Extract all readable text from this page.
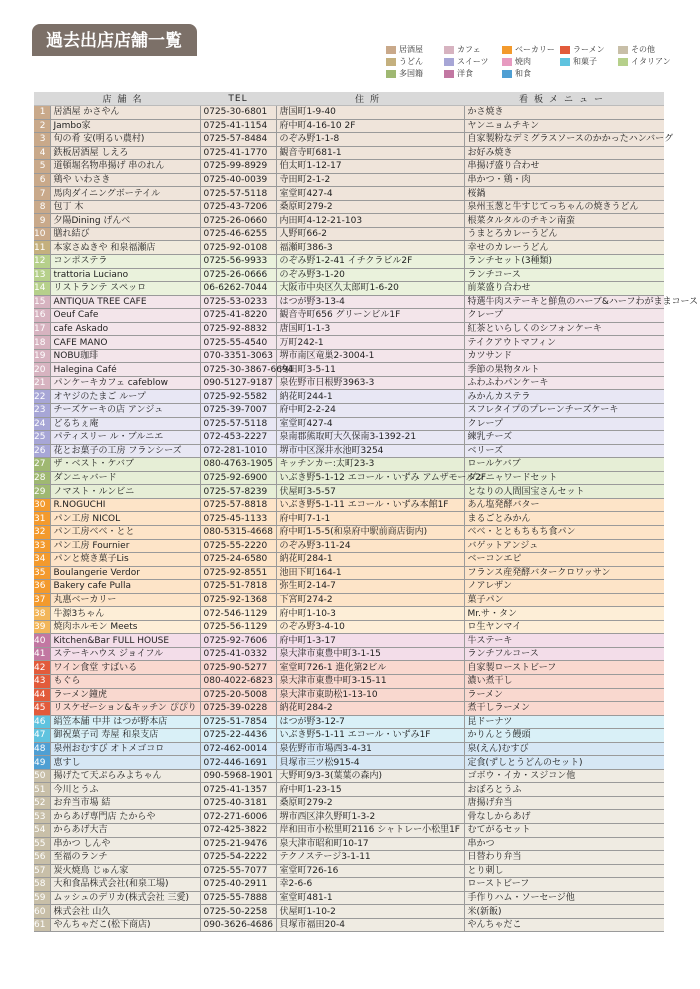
過去出店店舗一覧	居酒屋	カフェ	ベーカリー	ラーメン	その他
うどん	スイーツ	焼肉	和菓子	イタリアン
多国籍	洋食	和食
	店舗名	TEL	住所	看板メニュー
1	居酒屋 かさやん	0725-30-6801	唐国町1-9-40	かさ焼き
2	Jambo家	0725-41-1154	府中町4-16-10 2F	ヤンニョムチキン
3	旬の肴 安(明るい農村)	0725-57-8484	のぞみ野1-1-8	自家製粉なデミグラスソースのかかったハンバーグ
4	鉄板居酒屋 しえろ	0725-41-1770	観音寺町681-1	お好み焼き
5	道頓堀名物串揚げ 串のれん	0725-99-8929	伯太町1-12-17	串揚げ盛り合わせ
6	鶏や いわさき	0725-40-0039	寺田町2-1-2	串かつ・鶏・肉
7	馬肉ダイニングボーテイル	0725-57-5118	室堂町427-4	桜鍋
8	包丁 木	0725-43-7206	桑原町279-2	泉州玉葱と牛すじてっちゃんの焼きうどん
9	夕陽Dining げんべ	0725-26-0660	内田町4-12-21-103	根菜タルタルのチキン南蛮
10	膳れ結び	0725-46-6255	人野町66-2	うまとろカレーうどん
11	本家さぬきや 和泉福瀬店	0725-92-0108	福瀬町386-3	幸せのカレーうどん
12	コンポステラ	0725-56-9933	のぞみ野1-2-41 イチクラビル2F	ランチセット(3種類)
13	trattoria Luciano	0725-26-0666	のぞみ野3-1-20	ランチコース
14	リストランテ スペッロ	06-6262-7044	大阪市中央区久太郎町1-6-20	前菜盛り合わせ
15	ANTIQUA TREE CAFE	0725-53-0233	はつが野3-13-4	特選牛肉ステーキと鮮魚のハーブ&ハーフわがままコース
16	Oeuf Cafe	0725-41-8220	観音寺町656 グリーンビル1F	クレープ
17	cafe Askado	0725-92-8832	唐国町1-1-3	紅茶といらしくのシフォンケーキ
18	CAFE MANO	0725-55-4540	万町242-1	テイクアウトマフィン
19	NOBU珈琲	070-3351-3063	堺市南区竜巣2-3004-1	カツサンド
20	Halegina Café	0725-30-3867-6694	内田町3-5-11	季節の果物タルト
21	パンケーキカフェ cafeblow	090-5127-9187	泉佐野市日根野3963-3	ふわふわパンケーキ
22	オヤジのたまご ループ	0725-92-5582	納花町244-1	みかんカステラ
23	チーズケーキの店 アンジュ	0725-39-7007	府中町2-2-24	スフレタイプのプレーンチーズケーキ
24	どるちぇ庵	0725-57-5118	室堂町427-4	クレープ
25	パティスリー ル・ブルニエ	072-453-2227	泉南郡熊取町大久保南3-1392-21	練乳チーズ
26	花とお菓子の工房 フランシーズ	072-281-1010	堺市中区深井水池町3254	ベリーズ
27	ザ・ベスト・ケバブ	080-4763-1905	キッチンカー:太町23-3	ロールケバブ
28	ダンニャバード	0725-92-6900	いぶき野5-1-12 エコール・いずみ アムザモール2F	ダンニャワードセット
29	ノマスト・ルンビニ	0725-57-8239	伏屋町3-5-57	となりの人間国宝さんセット
30	R.NOGUCHI	0725-57-8818	いぶき野5-1-11 エコール・いずみ本館1F	あん塩発酵バター
31	パン工房 NICOL	0725-45-1133	府中町7-1-1	まるごとみかん
32	パン工房べべ・とと	080-5315-4668	府中町1-5-5(和泉府中駅前商店街内)	べべ・とともちもち食パン
33	パン工房 Fournier	0725-55-2220	のぞみ野3-11-24	バゲットアンジュ
34	パンと焼き菓子Lis	0725-24-6580	納花町284-1	ベーコンエピ
35	Boulangerie Verdor	0725-92-8551	池田下町164-1	フランス産発酵バタークロワッサン
36	Bakery cafe Pulla	0725-51-7818	弥生町2-14-7	ノアレザン
37	丸惠ベーカリー	0725-92-1368	下宮町274-2	菓子パン
38	牛源3ちゃん	072-546-1129	府中町1-10-3	Mr.サ・タン
39	焼肉ホルモン Meets	0725-56-1129	のぞみ野3-4-10	ロ生ヤンマイ
40	Kitchen&Bar FULL HOUSE	0725-92-7606	府中町1-3-17	牛ステーキ
41	ステーキハウス ジョイフル	0725-41-0332	泉大津市東豊中町3-1-15	ランチフルコース
42	ワイン食堂 すばいる	0725-90-5277	室堂町726-1 進化第2ビル	自家製ローストビーフ
43	もぐら	080-4022-6823	泉大津市東豊中町3-15-11	濃い煮干し
44	ラーメン鐘虎	0725-20-5008	泉大津市東助松1-13-10	ラーメン
45	リスケゼーション&キッチン ぴぴり	0725-39-0228	納花町284-2	煮干しラーメン
46	絹笠本舗 中井 はつが野本店	0725-51-7854	はつが野3-12-7	昆ドーナツ
47	御祝菓子司 寿屋 和泉支店	0725-22-4436	いぶき野5-1-11 エコール・いずみ1F	かりんとう饅頭
48	泉州おむすび オトメゴコロ	072-462-0014	泉佐野市市場西3-4-31	泉(えん)むすび
49	恵すし	072-446-1691	貝塚市三ツ松915-4	定食(ずしとうどんのセット)
50	揚げたて天ぷらみよちゃん	090-5968-1901	大野町9/3-3(葉葉の森内)	ゴボウ・イカ・スジコン他
51	今川とうふ	0725-41-1357	府中町1-23-15	おぼろとうふ
52	お弁当市場 結	0725-40-3181	桑原町279-2	唐揚げ弁当
53	からあげ専門店 たからや	072-271-6006	堺市西区津久野町1-3-2	骨なしからあげ
54	からあげ大吉	072-425-3822	岸和田市小松里町2116 シャトレー小松里1F	むてがるセット
55	串かつ しんや	0725-21-9476	泉大津市昭和町10-17	串かつ
56	至福のランチ	0725-54-2222	テクノステージ3-1-11	日替わり弁当
57	炭火焼鳥 じゅん家	0725-55-7077	室堂町726-16	とり刺し
58	大和食品株式会社(和泉工場)	0725-40-2911	幸2-6-6	ローストビーフ
59	ムッシュのデリカ(株式会社 三愛)	0725-55-7888	室堂町481-1	手作りハム・ソーセージ他
60	株式会社 山久	0725-50-2258	伏屋町1-10-2	米(新飯)
61	やんちゃだこ(松下商店)	090-3626-4686	貝塚市福田20-4	やんちゃだこ
